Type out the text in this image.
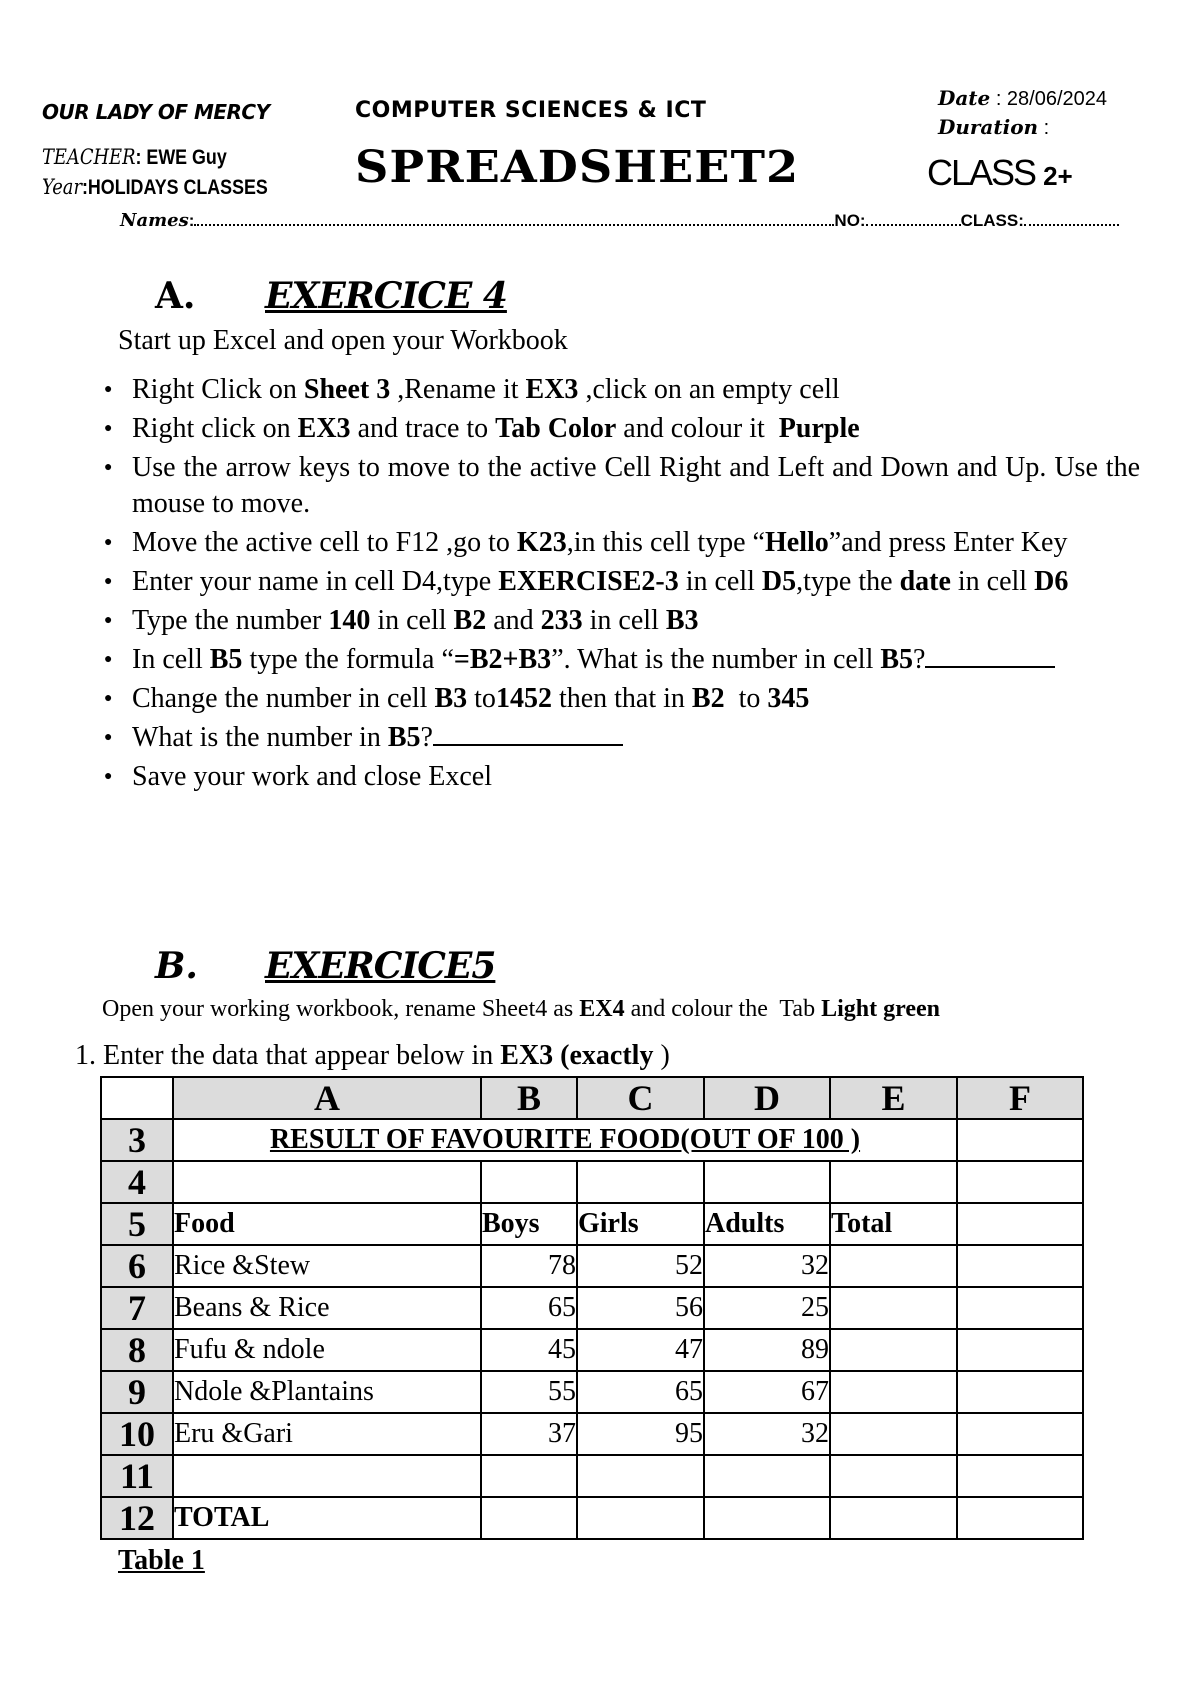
OUR LADY OF MERCY
TEACHER: EWE Guy
Year:HOLIDAYS CLASSES
COMPUTER SCIENCES & ICT
SPREADSHEET2
Date : 28/06/2024
Duration :
CLASS 2+
Names:	NO:	CLASS:
A. EXERCICE 4
Start up Excel and open your Workbook
● Right Click on Sheet 3 ,Rename it EX3 ,click on an empty cell
● Right click on EX3 and trace to Tab Color and colour it  Purple
● Use the arrow keys to move to the active Cell Right and Left and Down and Up. Use the mouse to move.
● Move the active cell to F12 ,go to K23,in this cell type “Hello”and press Enter Key
● Enter your name in cell D4,type EXERCISE2-3 in cell D5,type the date in cell D6
● Type the number 140 in cell B2 and 233 in cell B3
● In cell B5 type the formula “=B2+B3”. What is the number in cell B5?
● Change the number in cell B3 to1452 then that in B2  to 345
● What is the number in B5?
● Save your work and close Excel
B. EXERCICE5
Open your working workbook, rename Sheet4 as EX4 and colour the  Tab Light green
1. Enter the data that appear below in EX3 (exactly )
	A	B	C	D	E	F
3	RESULT OF FAVOURITE FOOD(OUT OF 100 )					
4						
5	Food	Boys	Girls	Adults	Total	
6	Rice &Stew	78	52	32		
7	Beans & Rice	65	56	25		
8	Fufu & ndole	45	47	89		
9	Ndole &Plantains	55	65	67		
10	Eru &Gari	37	95	32		
11						
12	TOTAL					
Table 1
